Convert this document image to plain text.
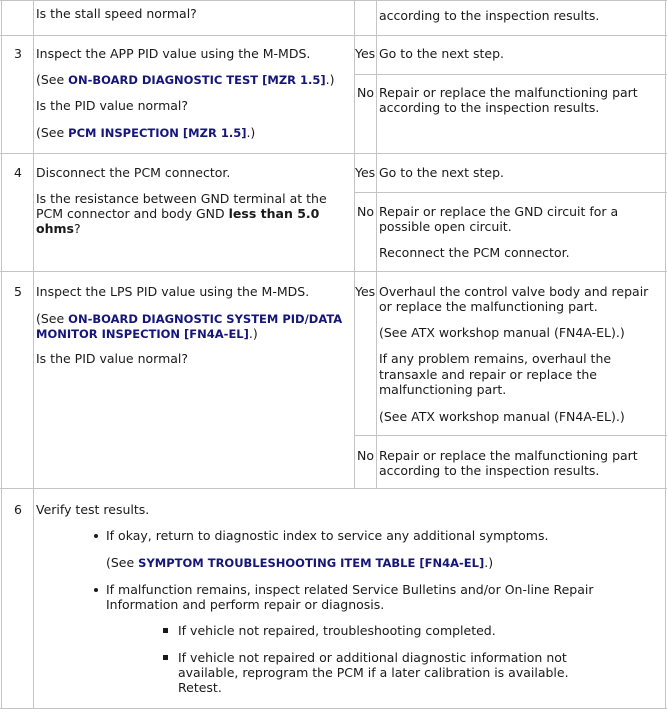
Is the stall speed normal?	according to the inspection results.
3 Inspect the APP PID value using the M-MDS.
(See ON-BOARD DIAGNOSTIC TEST [MZR 1.5].)
Is the PID value normal?
(See PCM INSPECTION [MZR 1.5].)
Yes Go to the next step.
No Repair or replace the malfunctioning part
according to the inspection results.
4 Disconnect the PCM connector.
Is the resistance between GND terminal at the
PCM connector and body GND less than 5.0
ohms?
Yes Go to the next step.
No Repair or replace the GND circuit for a
possible open circuit.
Reconnect the PCM connector.
5 Inspect the LPS PID value using the M-MDS.
(See ON-BOARD DIAGNOSTIC SYSTEM PID/DATA
MONITOR INSPECTION [FN4A-EL].)
Is the PID value normal?
Yes Overhaul the control valve body and repair
or replace the malfunctioning part.
(See ATX workshop manual (FN4A-EL).)
If any problem remains, overhaul the
transaxle and repair or replace the
malfunctioning part.
(See ATX workshop manual (FN4A-EL).)
No Repair or replace the malfunctioning part
according to the inspection results.
6 Verify test results.
If okay, return to diagnostic index to service any additional symptoms.
(See SYMPTOM TROUBLESHOOTING ITEM TABLE [FN4A-EL].)
If malfunction remains, inspect related Service Bulletins and/or On-line Repair
Information and perform repair or diagnosis.
If vehicle not repaired, troubleshooting completed.
If vehicle not repaired or additional diagnostic information not
available, reprogram the PCM if a later calibration is available.
Retest.
